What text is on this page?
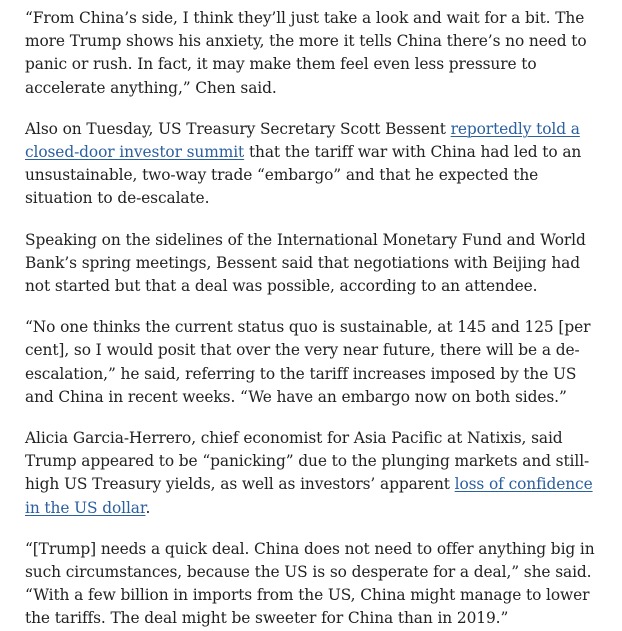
“From China’s side, I think they’ll just take a look and wait for a bit. The more Trump shows his anxiety, the more it tells China there’s no need to panic or rush. In fact, it may make them feel even less pressure to accelerate anything,” Chen said.

Also on Tuesday, US Treasury Secretary Scott Bessent reportedly told a closed-door investor summit that the tariff war with China had led to an unsustainable, two-way trade “embargo” and that he expected the situation to de-escalate.

Speaking on the sidelines of the International Monetary Fund and World Bank’s spring meetings, Bessent said that negotiations with Beijing had not started but that a deal was possible, according to an attendee.

“No one thinks the current status quo is sustainable, at 145 and 125 [per cent], so I would posit that over the very near future, there will be a de-escalation,” he said, referring to the tariff increases imposed by the US and China in recent weeks. “We have an embargo now on both sides.”

Alicia Garcia-Herrero, chief economist for Asia Pacific at Natixis, said Trump appeared to be “panicking” due to the plunging markets and still-high US Treasury yields, as well as investors’ apparent loss of confidence in the US dollar.

“[Trump] needs a quick deal. China does not need to offer anything big in such circumstances, because the US is so desperate for a deal,” she said. “With a few billion in imports from the US, China might manage to lower the tariffs. The deal might be sweeter for China than in 2019.”
